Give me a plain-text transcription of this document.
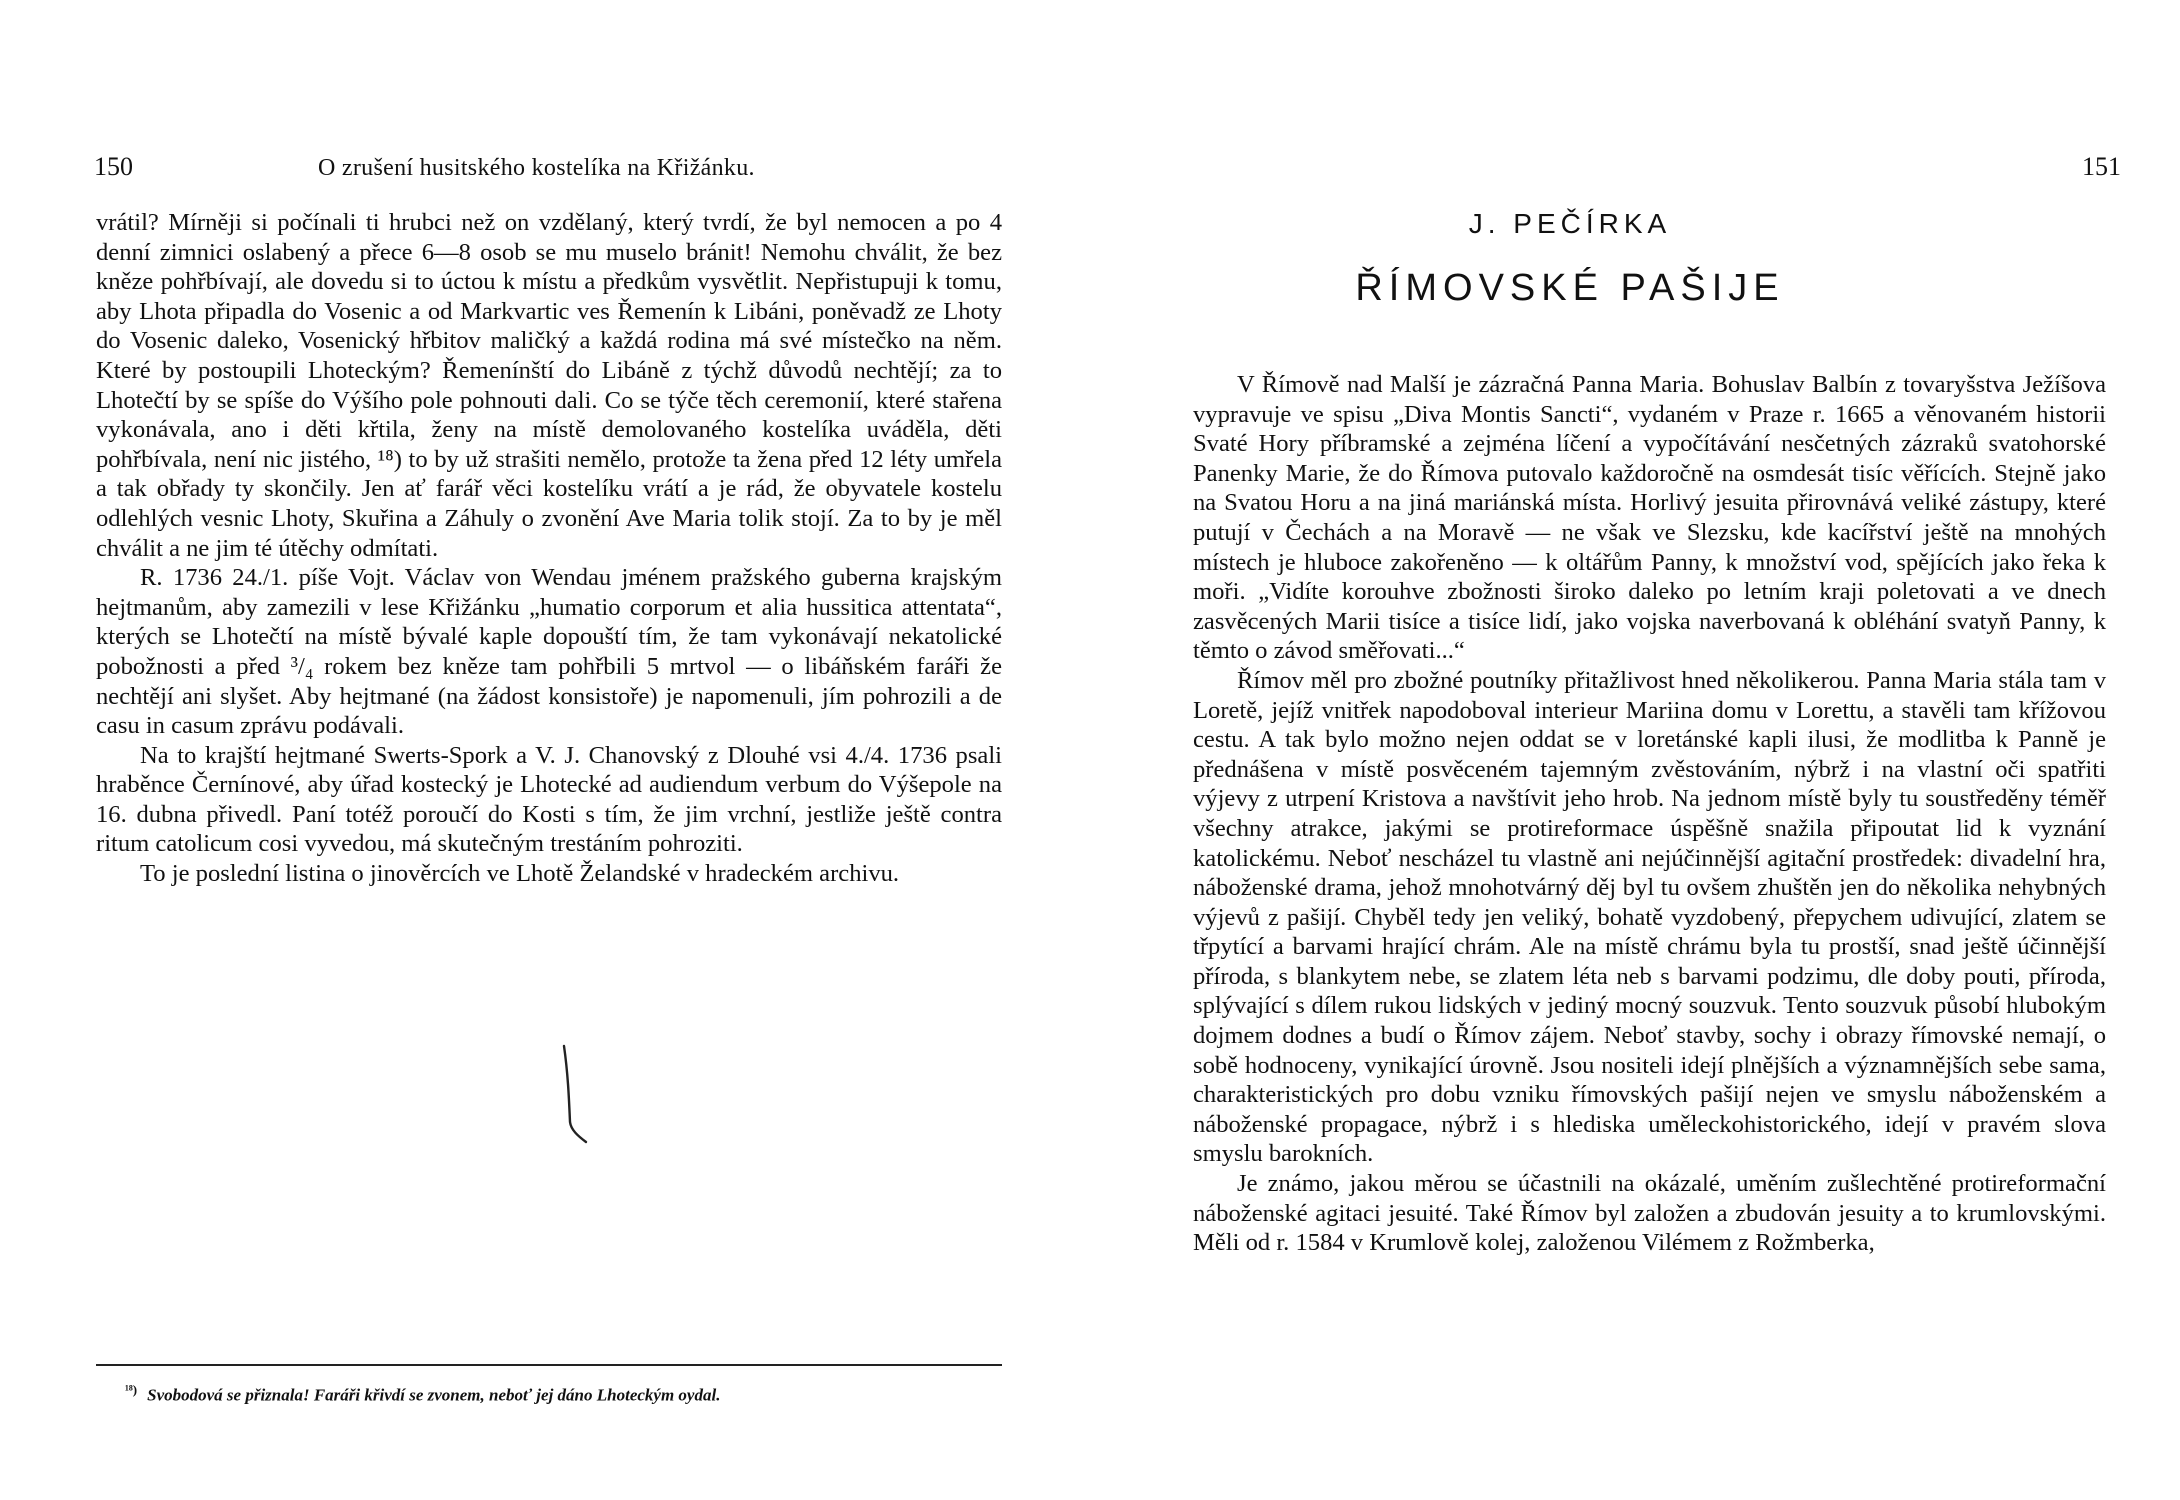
150	O zrušení husitského kostelíka na Křižánku.

vrátil? Mírněji si počínali ti hrubci než on vzdělaný, který tvrdí, že byl nemocen a po 4 denní zimnici oslabený a přece 6—8 osob se mu muselo bránit! Nemohu chválit, že bez kněze pohřbívají, ale dovedu si to úctou k místu a předkům vysvětlit. Nepřistupuji k tomu, aby Lhota připadla do Vosenic a od Markvartic ves Řemenín k Libáni, poněvadž ze Lhoty do Vosenic daleko, Vosenický hřbitov maličký a každá rodina má své místečko na něm. Které by postoupili Lhoteckým? Řemenínští do Libáně z týchž důvodů nechtějí; za to Lhotečtí by se spíše do Výšího pole pohnouti dali. Co se týče těch ceremonií, které stařena vykonávala, ano i děti křtila, ženy na místě demolovaného kostelíka uváděla, děti pohřbívala, není nic jistého, ¹⁸) to by už strašiti nemělo, protože ta žena před 12 léty umřela a tak obřady ty skončily. Jen ať farář věci kostelíku vrátí a je rád, že obyvatele kostelu odlehlých vesnic Lhoty, Skuřina a Záhuly o zvonění Ave Maria tolik stojí. Za to by je měl chválit a ne jim té útěchy odmítati.

R. 1736 24./1. píše Vojt. Václav von Wendau jménem pražského guberna krajským hejtmanům, aby zamezili v lese Křižánku „humatio corporum et alia hussitica attentata“, kterých se Lhotečtí na místě bývalé kaple dopouští tím, že tam vykonávají nekatolické pobožnosti a před ³/₄ rokem bez kněze tam pohřbili 5 mrtvol — o libáňském faráři že nechtějí ani slyšet. Aby hejtmané (na žádost konsistoře) je napomenuli, jím pohrozili a de casu in casum zprávu podávali.

Na to krajští hejtmané Swerts-Spork a V. J. Chanovský z Dlouhé vsi 4./4. 1736 psali hraběnce Černínové, aby úřad kostecký je Lhotecké ad audiendum verbum do Výšepole na 16. dubna přivedl. Paní totéž poroučí do Kosti s tím, že jim vrchní, jestliže ještě contra ritum catolicum cosi vyvedou, má skutečným trestáním pohroziti.

To je poslední listina o jinověrcích ve Lhotě Želandské v hradeckém archivu.

$^{^{18})}$ Svobodová se přiznala! Faráři křivdí se zvonem, neboť jej dáno Lhoteckým oydal.
151
J. PEČÍRKA
ŘÍMOVSKÉ PAŠIJE

V Římově nad Malší je zázračná Panna Maria. Bohuslav Balbín z tovaryšstva Ježíšova vypravuje ve spisu „Diva Montis Sancti“, vydaném v Praze r. 1665 a věnovaném historii Svaté Hory příbramské a zejména líčení a vypočítávání nesčetných zázraků svatohorské Panenky Marie, že do Římova putovalo každoročně na osmdesát tisíc věřících. Stejně jako na Svatou Horu a na jiná mariánská místa. Horlivý jesuita přirovnává veliké zástupy, které putují v Čechách a na Moravě — ne však ve Slezsku, kde kacířství ještě na mnohých místech je hluboce zakořeněno — k oltářům Panny, k množství vod, spějících jako řeka k moři. „Vidíte korouhve zbožnosti široko daleko po letním kraji poletovati a ve dnech zasvěcených Marii tisíce a tisíce lidí, jako vojska naverbovaná k obléhání svatyň Panny, k těmto o závod směřovati...“

Římov měl pro zbožné poutníky přitažlivost hned několikerou. Panna Maria stála tam v Loretě, jejíž vnitřek napodoboval interieur Mariina domu v Lorettu, a stavěli tam křížovou cestu. A tak bylo možno nejen oddat se v loretánské kapli ilusi, že modlitba k Panně je přednášena v místě posvěceném tajemným zvěstováním, nýbrž i na vlastní oči spatřiti výjevy z utrpení Kristova a navštívit jeho hrob. Na jednom místě byly tu soustředěny téměř všechny atrakce, jakými se protireformace úspěšně snažila připoutat lid k vyznání katolickému. Neboť nescházel tu vlastně ani nejúčinnější agitační prostředek: divadelní hra, náboženské drama, jehož mnohotvárný děj byl tu ovšem zhuštěn jen do několika nehybných výjevů z pašijí. Chyběl tedy jen veliký, bohatě vyzdobený, přepychem udivující, zlatem se třpytící a barvami hrající chrám. Ale na místě chrámu byla tu prostší, snad ještě účinnější příroda, s blankytem nebe, se zlatem léta neb s barvami podzimu, dle doby pouti, příroda, splývající s dílem rukou lidských v jediný mocný souzvuk. Tento souzvuk působí hlubokým dojmem dodnes a budí o Římov zájem. Neboť stavby, sochy i obrazy římovské nemají, o sobě hodnoceny, vynikající úrovně. Jsou nositeli idejí plnějších a významnějších sebe sama, charakteristických pro dobu vzniku římovských pašijí nejen ve smyslu náboženském a náboženské propagace, nýbrž i s hlediska uměleckohistorického, idejí v pravém slova smyslu barokních.

Je známo, jakou měrou se účastnili na okázalé, uměním zušlechtěné protireformační náboženské agitaci jesuité. Také Římov byl založen a zbudován jesuity a to krumlovskými. Měli od r. 1584 v Krumlově kolej, založenou Vilémem z Rožmberka,
